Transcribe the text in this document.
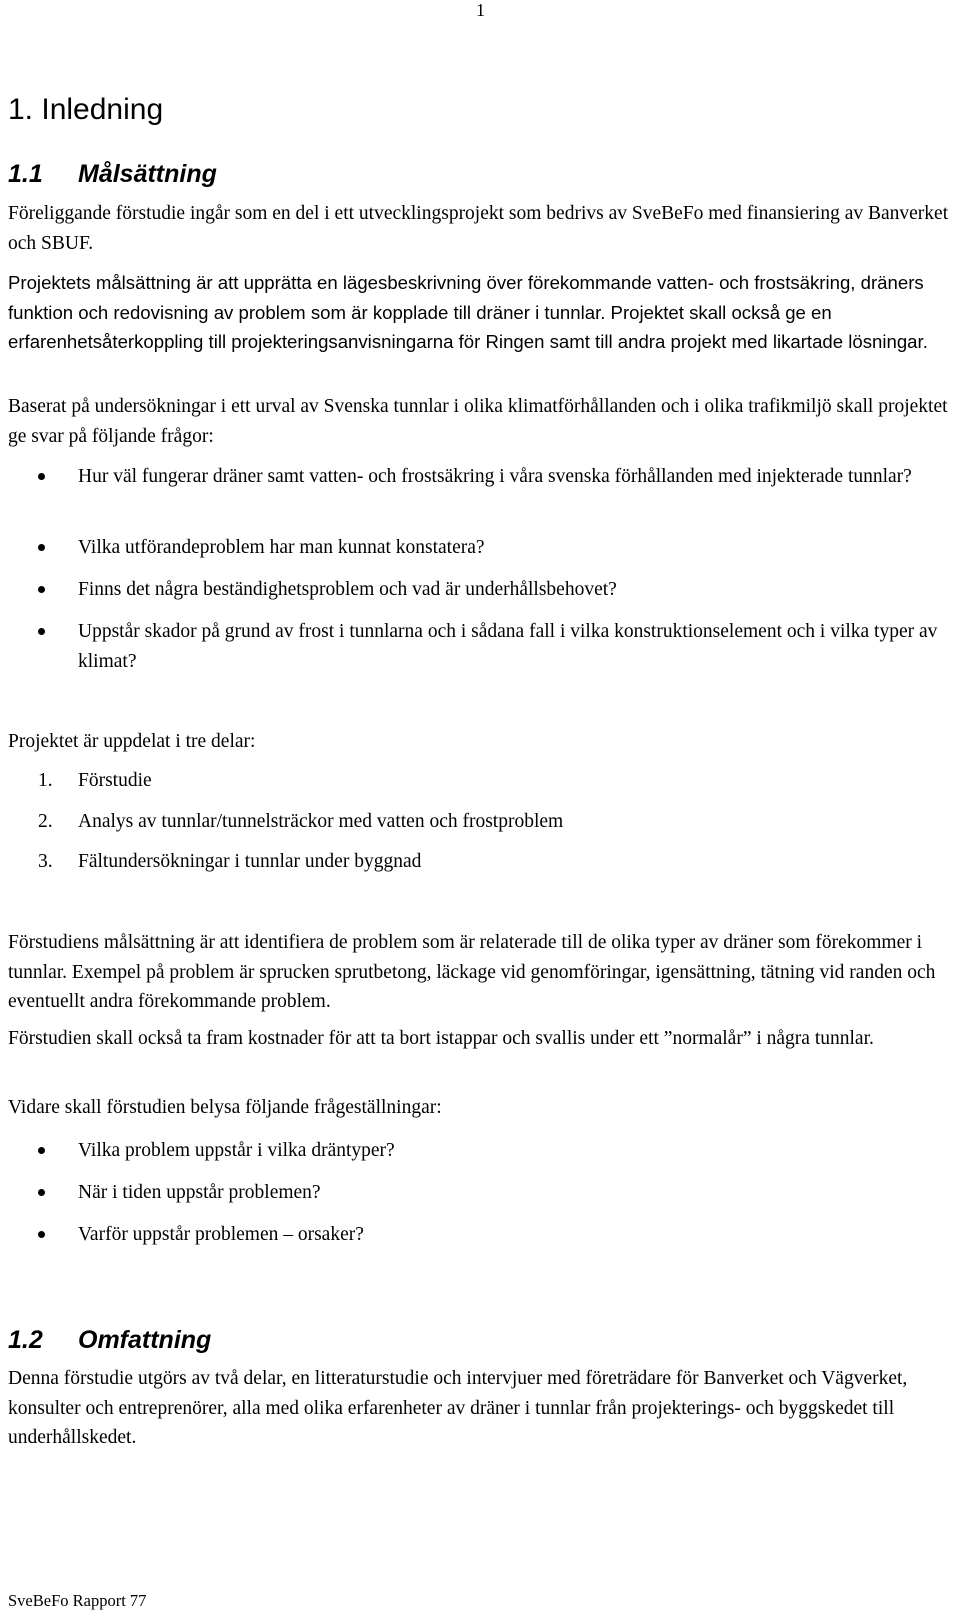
1
1. Inledning
1.1 Målsättning

Föreliggande förstudie ingår som en del i ett utvecklingsprojekt som bedrivs av SveBeFo med finansiering av Banverket och SBUF.

Projektets målsättning är att upprätta en lägesbeskrivning över förekommande vatten- och frostsäkring, dräners funktion och redovisning av problem som är kopplade till dräner i tunnlar. Projektet skall också ge en erfarenhetsåterkoppling till projekteringsanvisningarna för Ringen samt till andra projekt med likartade lösningar.

Baserat på undersökningar i ett urval av Svenska tunnlar i olika klimatförhållanden och i olika trafikmiljö skall projektet ge svar på följande frågor:

Hur väl fungerar dräner samt vatten- och frostsäkring i våra svenska förhållanden med injekterade tunnlar?
Vilka utförandeproblem har man kunnat konstatera?
Finns det några beständighetsproblem och vad är underhållsbehovet?
Uppstår skador på grund av frost i tunnlarna och i sådana fall i vilka konstruktionselement och i vilka typer av klimat?

Projektet är uppdelat i tre delar:

1. Förstudie
2. Analys av tunnlar/tunnelsträckor med vatten och frostproblem
3. Fältundersökningar i tunnlar under byggnad

Förstudiens målsättning är att identifiera de problem som är relaterade till de olika typer av dräner som förekommer i tunnlar. Exempel på problem är sprucken sprutbetong, läckage vid genomföringar, igensättning, tätning vid randen och eventuellt andra förekommande problem.

Förstudien skall också ta fram kostnader för att ta bort istappar och svallis under ett ”normalår” i några tunnlar.

Vidare skall förstudien belysa följande frågeställningar:

Vilka problem uppstår i vilka dräntyper?
När i tiden uppstår problemen?
Varför uppstår problemen – orsaker?
1.2 Omfattning

Denna förstudie utgörs av två delar, en litteraturstudie och intervjuer med företrädare för Banverket och Vägverket, konsulter och entreprenörer, alla med olika erfarenheter av dräner i tunnlar från projekterings- och byggskedet till underhållskedet.

SveBeFo Rapport 77
